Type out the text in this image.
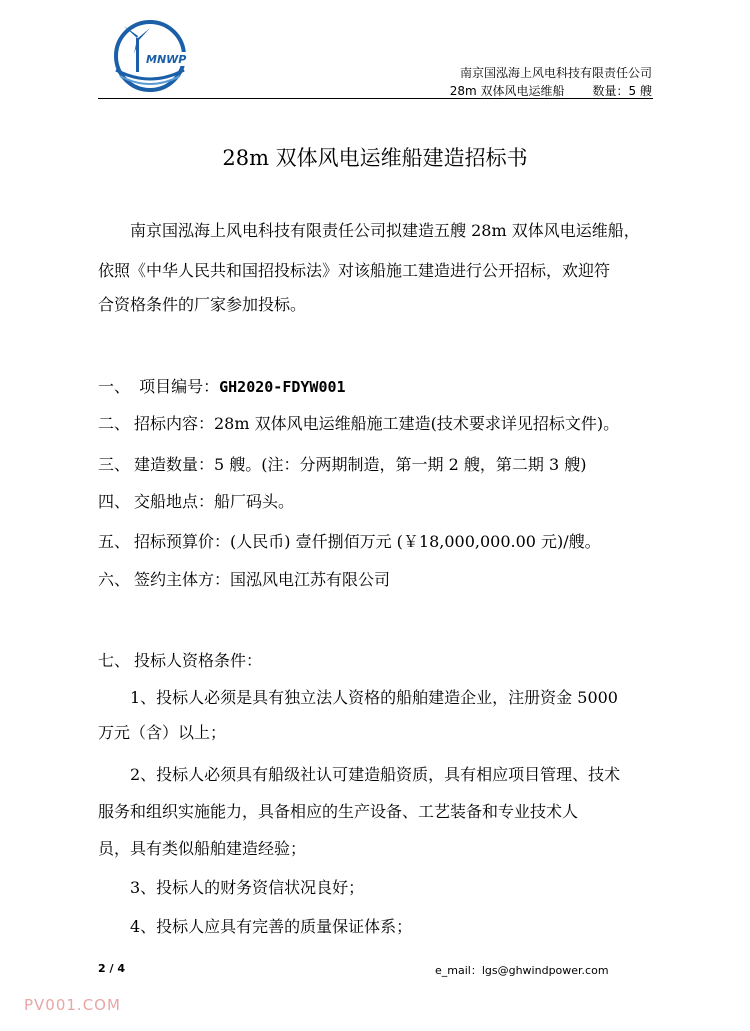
MNWP
南京国泓海上风电科技有限责任公司
28m 双体风电运维船 数量：5 艘
28m 双体风电运维船建造招标书
南京国泓海上风电科技有限责任公司拟建造五艘 28m 双体风电运维船，
依照《中华人民共和国招投标法》对该船施工建造进行公开招标，欢迎符
合资格条件的厂家参加投标。
一、 项目编号：GH2020-FDYW001
二、 招标内容：28m 双体风电运维船施工建造(技术要求详见招标文件)。
三、 建造数量：5 艘。(注：分两期制造，第一期 2 艘，第二期 3 艘)
四、 交船地点：船厂码头。
五、 招标预算价：(人民币) 壹仟捌佰万元 (￥18,000,000.00 元)/艘。
六、 签约主体方：国泓风电江苏有限公司
七、 投标人资格条件：
1、投标人必须是具有独立法人资格的船舶建造企业，注册资金 5000
万元（含）以上；
2、投标人必须具有船级社认可建造船资质，具有相应项目管理、技术
服务和组织实施能力，具备相应的生产设备、工艺装备和专业技术人
员，具有类似船舶建造经验；
3、投标人的财务资信状况良好；
4、投标人应具有完善的质量保证体系；
2 / 4	e_mail：lgs@ghwindpower.com
PV001.COM
